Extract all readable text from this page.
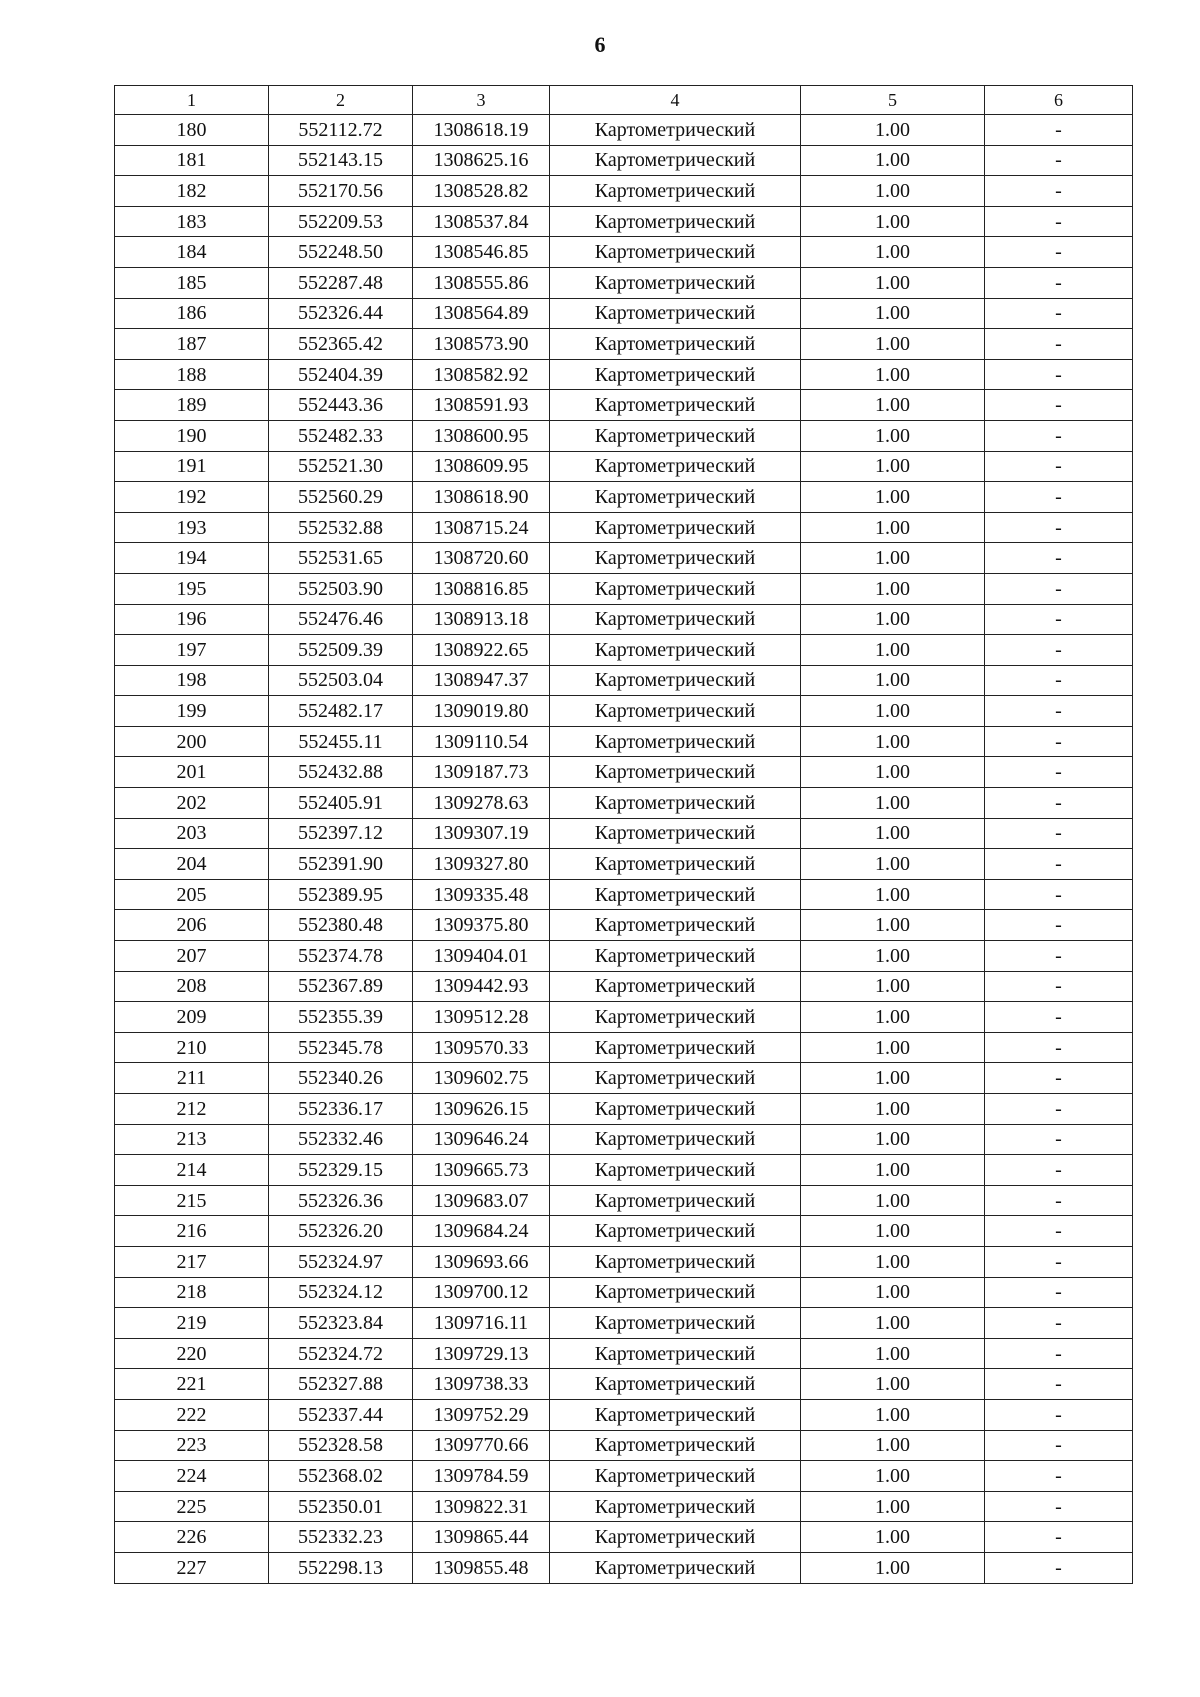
6
1	2	3	4	5	6
180	552112.72	1308618.19	Картометрический	1.00	-
181	552143.15	1308625.16	Картометрический	1.00	-
182	552170.56	1308528.82	Картометрический	1.00	-
183	552209.53	1308537.84	Картометрический	1.00	-
184	552248.50	1308546.85	Картометрический	1.00	-
185	552287.48	1308555.86	Картометрический	1.00	-
186	552326.44	1308564.89	Картометрический	1.00	-
187	552365.42	1308573.90	Картометрический	1.00	-
188	552404.39	1308582.92	Картометрический	1.00	-
189	552443.36	1308591.93	Картометрический	1.00	-
190	552482.33	1308600.95	Картометрический	1.00	-
191	552521.30	1308609.95	Картометрический	1.00	-
192	552560.29	1308618.90	Картометрический	1.00	-
193	552532.88	1308715.24	Картометрический	1.00	-
194	552531.65	1308720.60	Картометрический	1.00	-
195	552503.90	1308816.85	Картометрический	1.00	-
196	552476.46	1308913.18	Картометрический	1.00	-
197	552509.39	1308922.65	Картометрический	1.00	-
198	552503.04	1308947.37	Картометрический	1.00	-
199	552482.17	1309019.80	Картометрический	1.00	-
200	552455.11	1309110.54	Картометрический	1.00	-
201	552432.88	1309187.73	Картометрический	1.00	-
202	552405.91	1309278.63	Картометрический	1.00	-
203	552397.12	1309307.19	Картометрический	1.00	-
204	552391.90	1309327.80	Картометрический	1.00	-
205	552389.95	1309335.48	Картометрический	1.00	-
206	552380.48	1309375.80	Картометрический	1.00	-
207	552374.78	1309404.01	Картометрический	1.00	-
208	552367.89	1309442.93	Картометрический	1.00	-
209	552355.39	1309512.28	Картометрический	1.00	-
210	552345.78	1309570.33	Картометрический	1.00	-
211	552340.26	1309602.75	Картометрический	1.00	-
212	552336.17	1309626.15	Картометрический	1.00	-
213	552332.46	1309646.24	Картометрический	1.00	-
214	552329.15	1309665.73	Картометрический	1.00	-
215	552326.36	1309683.07	Картометрический	1.00	-
216	552326.20	1309684.24	Картометрический	1.00	-
217	552324.97	1309693.66	Картометрический	1.00	-
218	552324.12	1309700.12	Картометрический	1.00	-
219	552323.84	1309716.11	Картометрический	1.00	-
220	552324.72	1309729.13	Картометрический	1.00	-
221	552327.88	1309738.33	Картометрический	1.00	-
222	552337.44	1309752.29	Картометрический	1.00	-
223	552328.58	1309770.66	Картометрический	1.00	-
224	552368.02	1309784.59	Картометрический	1.00	-
225	552350.01	1309822.31	Картометрический	1.00	-
226	552332.23	1309865.44	Картометрический	1.00	-
227	552298.13	1309855.48	Картометрический	1.00	-
